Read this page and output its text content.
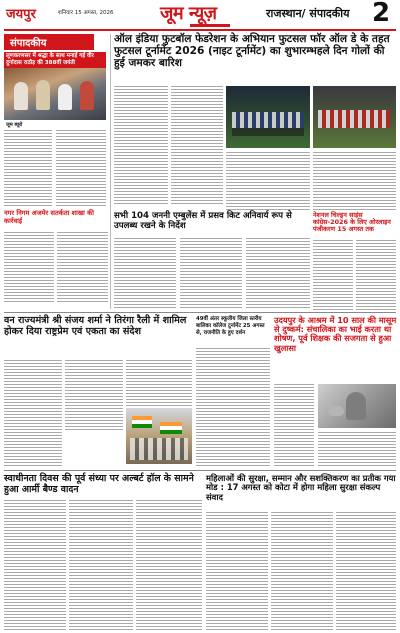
जयपुर	शनिवार 15 अगस्त, 2026	जूम न्यूज़	राजस्थान/ संपादकीय 2
संपादकीय
लूणकरणसर में श्रद्धा के साथ मनाई गई वीर दुर्गादास राठौड़ की 388वीं जयंती
जूम ब्यूरो
नगर निगम अजमेर सतर्कता शाखा की कार्रवाई
ऑल इंडिया फुटबॉल फेडरेशन के अभियान फुटसल फॉर ऑल डे के तहत फुटसल टूर्नामेंट 2026 (नाइट टूर्नामेंट) का शुभारम्भहले दिन गोलों की हुई जमकर बारिश
सभी 104 जननी एम्बुलेंस में प्रसव किट अनिवार्य रूप से उपलब्ध रखने के निर्देश
नेशनल चिल्ड्रन साइंस कांग्रेस-2026 के लिए ओरलाइन पंजीकरण 15 अगस्त तक
वन राज्यमंत्री श्री संजय शर्मा ने तिरंगा रैली में शामिल होकर दिया राष्ट्रप्रेम एवं एकता का संदेश
49वीं अंतर स्कूलीय जिला स्तरीय बालिका कॉलेज टूर्नामेंट 25 अगस्त से, राजनीति के हुए दर्शन
उदयपुर के आश्रम में 10 साल की मासूम से दुष्कर्म: संचालिका का भाई करता था शोषण, पूर्व शिक्षक की सजगता से हुआ खुलासा
स्वाधीनता दिवस की पूर्व संध्या पर अल्बर्ट हॉल के सामने हुआ आर्मी बैण्ड वादन
महिलाओं की सुरक्षा, सम्मान और सशक्तिकरण का प्रतीक गया मोड : 17 अगस्त को कोटा में होगा महिला सुरक्षा संकल्प संवाद
